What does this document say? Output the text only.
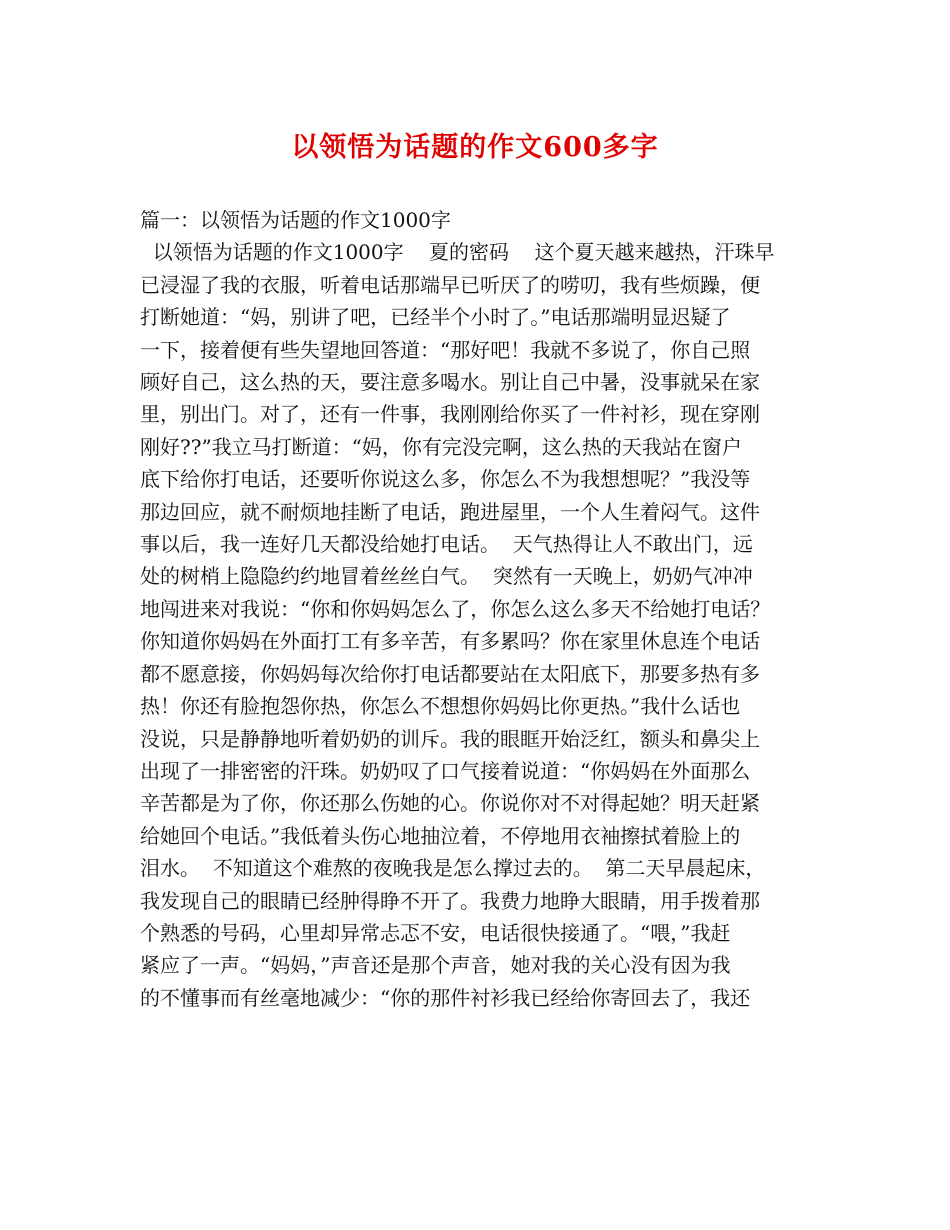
以领悟为话题的作文600多字

篇一：以领悟为话题的作文1000字

以领悟为话题的作文1000字    夏的密码    这个夏天越来越热，汗珠早

已浸湿了我的衣服，听着电话那端早已听厌了的唠叨，我有些烦躁，便

打断她道：“妈，别讲了吧，已经半个小时了。”电话那端明显迟疑了

一下，接着便有些失望地回答道：“那好吧！我就不多说了，你自己照

顾好自己，这么热的天，要注意多喝水。别让自己中暑，没事就呆在家

里，别出门。对了，还有一件事，我刚刚给你买了一件衬衫，现在穿刚

刚好??”我立马打断道：“妈，你有完没完啊，这么热的天我站在窗户

底下给你打电话，还要听你说这么多，你怎么不为我想想呢？”我没等

那边回应，就不耐烦地挂断了电话，跑进屋里，一个人生着闷气。这件

事以后，我一连好几天都没给她打电话。  天气热得让人不敢出门，远

处的树梢上隐隐约约地冒着丝丝白气。  突然有一天晚上，奶奶气冲冲

地闯进来对我说：“你和你妈妈怎么了，你怎么这么多天不给她打电话？

你知道你妈妈在外面打工有多辛苦，有多累吗？你在家里休息连个电话

都不愿意接，你妈妈每次给你打电话都要站在太阳底下，那要多热有多

热！你还有脸抱怨你热，你怎么不想想你妈妈比你更热。”我什么话也

没说，只是静静地听着奶奶的训斥。我的眼眶开始泛红，额头和鼻尖上

出现了一排密密的汗珠。奶奶叹了口气接着说道：“你妈妈在外面那么

辛苦都是为了你，你还那么伤她的心。你说你对不对得起她？明天赶紧

给她回个电话。”我低着头伤心地抽泣着，不停地用衣袖擦拭着脸上的

泪水。  不知道这个难熬的夜晚我是怎么撑过去的。  第二天早晨起床，

我发现自己的眼睛已经肿得睁不开了。我费力地睁大眼睛，用手拨着那

个熟悉的号码，心里却异常忐忑不安，电话很快接通了。“喂，”我赶

紧应了一声。“妈妈，”声音还是那个声音，她对我的关心没有因为我

的不懂事而有丝毫地减少：“你的那件衬衫我已经给你寄回去了，我还
